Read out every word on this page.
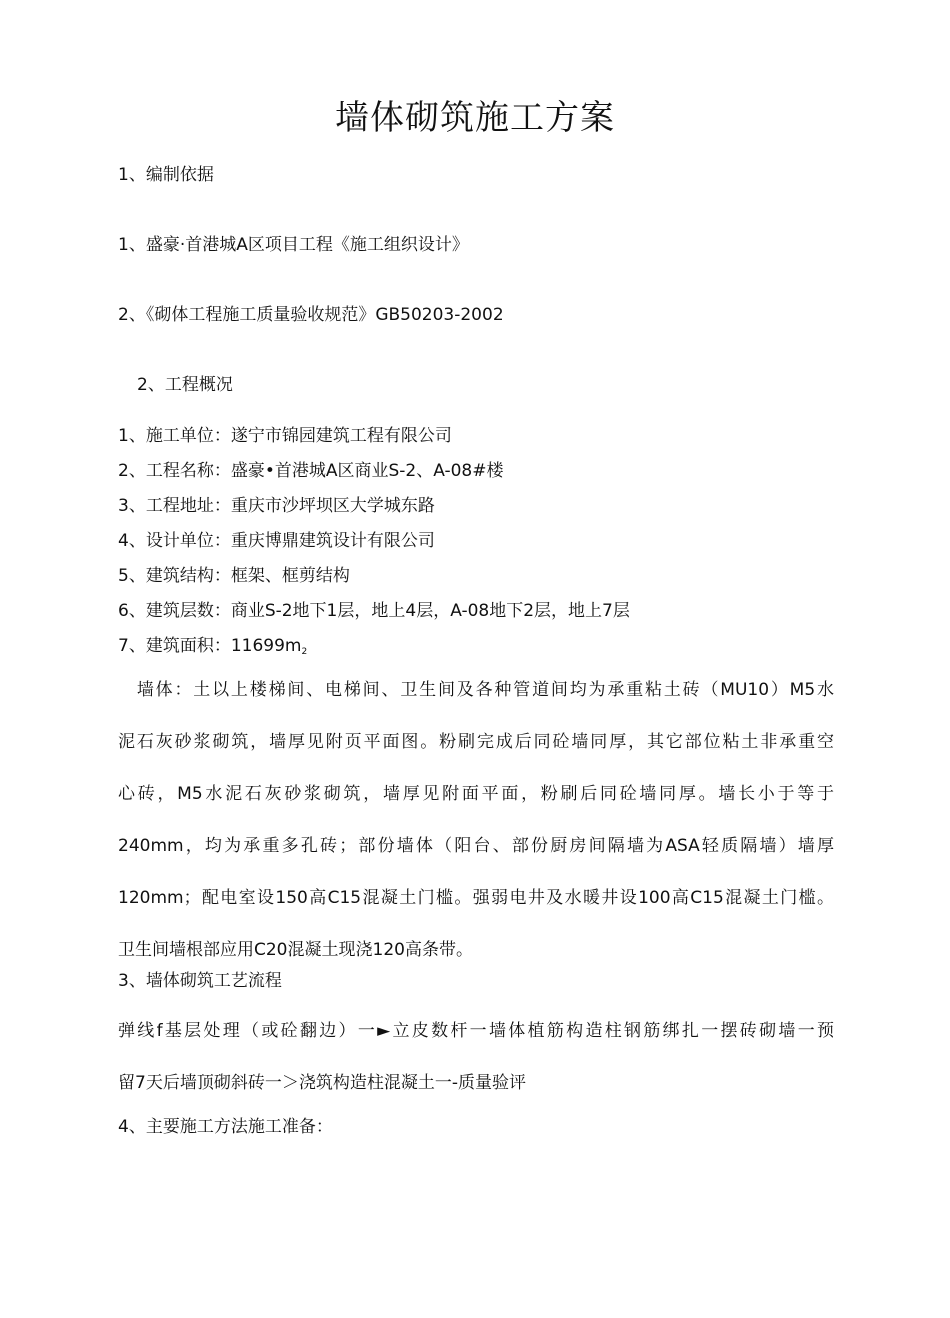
墙体砌筑施工方案
1、编制依据
1、盛豪·首港城A区项目工程《施工组织设计》
2、《砌体工程施工质量验收规范》GB50203-2002
2、工程概况
1、施工单位：遂宁市锦园建筑工程有限公司
2、工程名称：盛豪•首港城A区商业S-2、A-08#楼
3、工程地址：重庆市沙坪坝区大学城东路
4、设计单位：重庆博鼎建筑设计有限公司
5、建筑结构：框架、框剪结构
6、建筑层数：商业S-2地下1层，地上4层，A-08地下2层，地上7层
7、建筑面积：11699m2
　墙体：土以上楼梯间、电梯间、卫生间及各种管道间均为承重粘土砖（MU10）M5水
泥石灰砂浆砌筑，墙厚见附页平面图。粉刷完成后同砼墙同厚，其它部位粘土非承重空
心砖，M5水泥石灰砂浆砌筑，墙厚见附面平面，粉刷后同砼墙同厚。墙长小于等于
240mm，均为承重多孔砖；部份墙体（阳台、部份厨房间隔墙为ASA轻质隔墙）墙厚
120mm；配电室设150高C15混凝土门槛。强弱电井及水暖井设100高C15混凝土门槛。
卫生间墙根部应用C20混凝土现浇120高条带。
3、墙体砌筑工艺流程
弹线f基层处理（或砼翻边）一►立皮数杆一墙体植筋构造柱钢筋绑扎一摆砖砌墙一预
留7天后墙顶砌斜砖一＞浇筑构造柱混凝土一-质量验评
4、主要施工方法施工准备：
